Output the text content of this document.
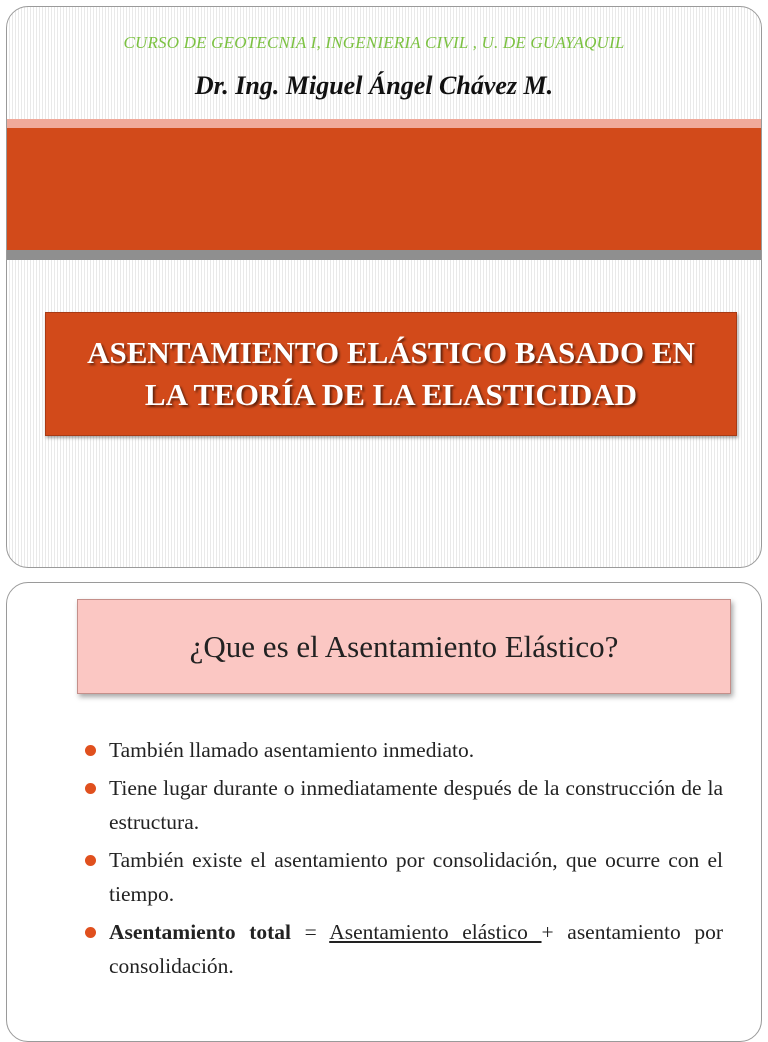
CURSO DE GEOTECNIA I, INGENIERIA CIVIL , U. DE GUAYAQUIL
Dr. Ing. Miguel Ángel Chávez M.

ASENTAMIENTO ELÁSTICO BASADO EN
LA TEORÍA DE LA ELASTICIDAD

¿Que es el Asentamiento Elástico?

También llamado asentamiento inmediato.
Tiene lugar durante o inmediatamente después de la construcción de la estructura.
También existe el asentamiento por consolidación, que ocurre con el tiempo.
Asentamiento total = Asentamiento elástico + asentamiento por consolidación.
